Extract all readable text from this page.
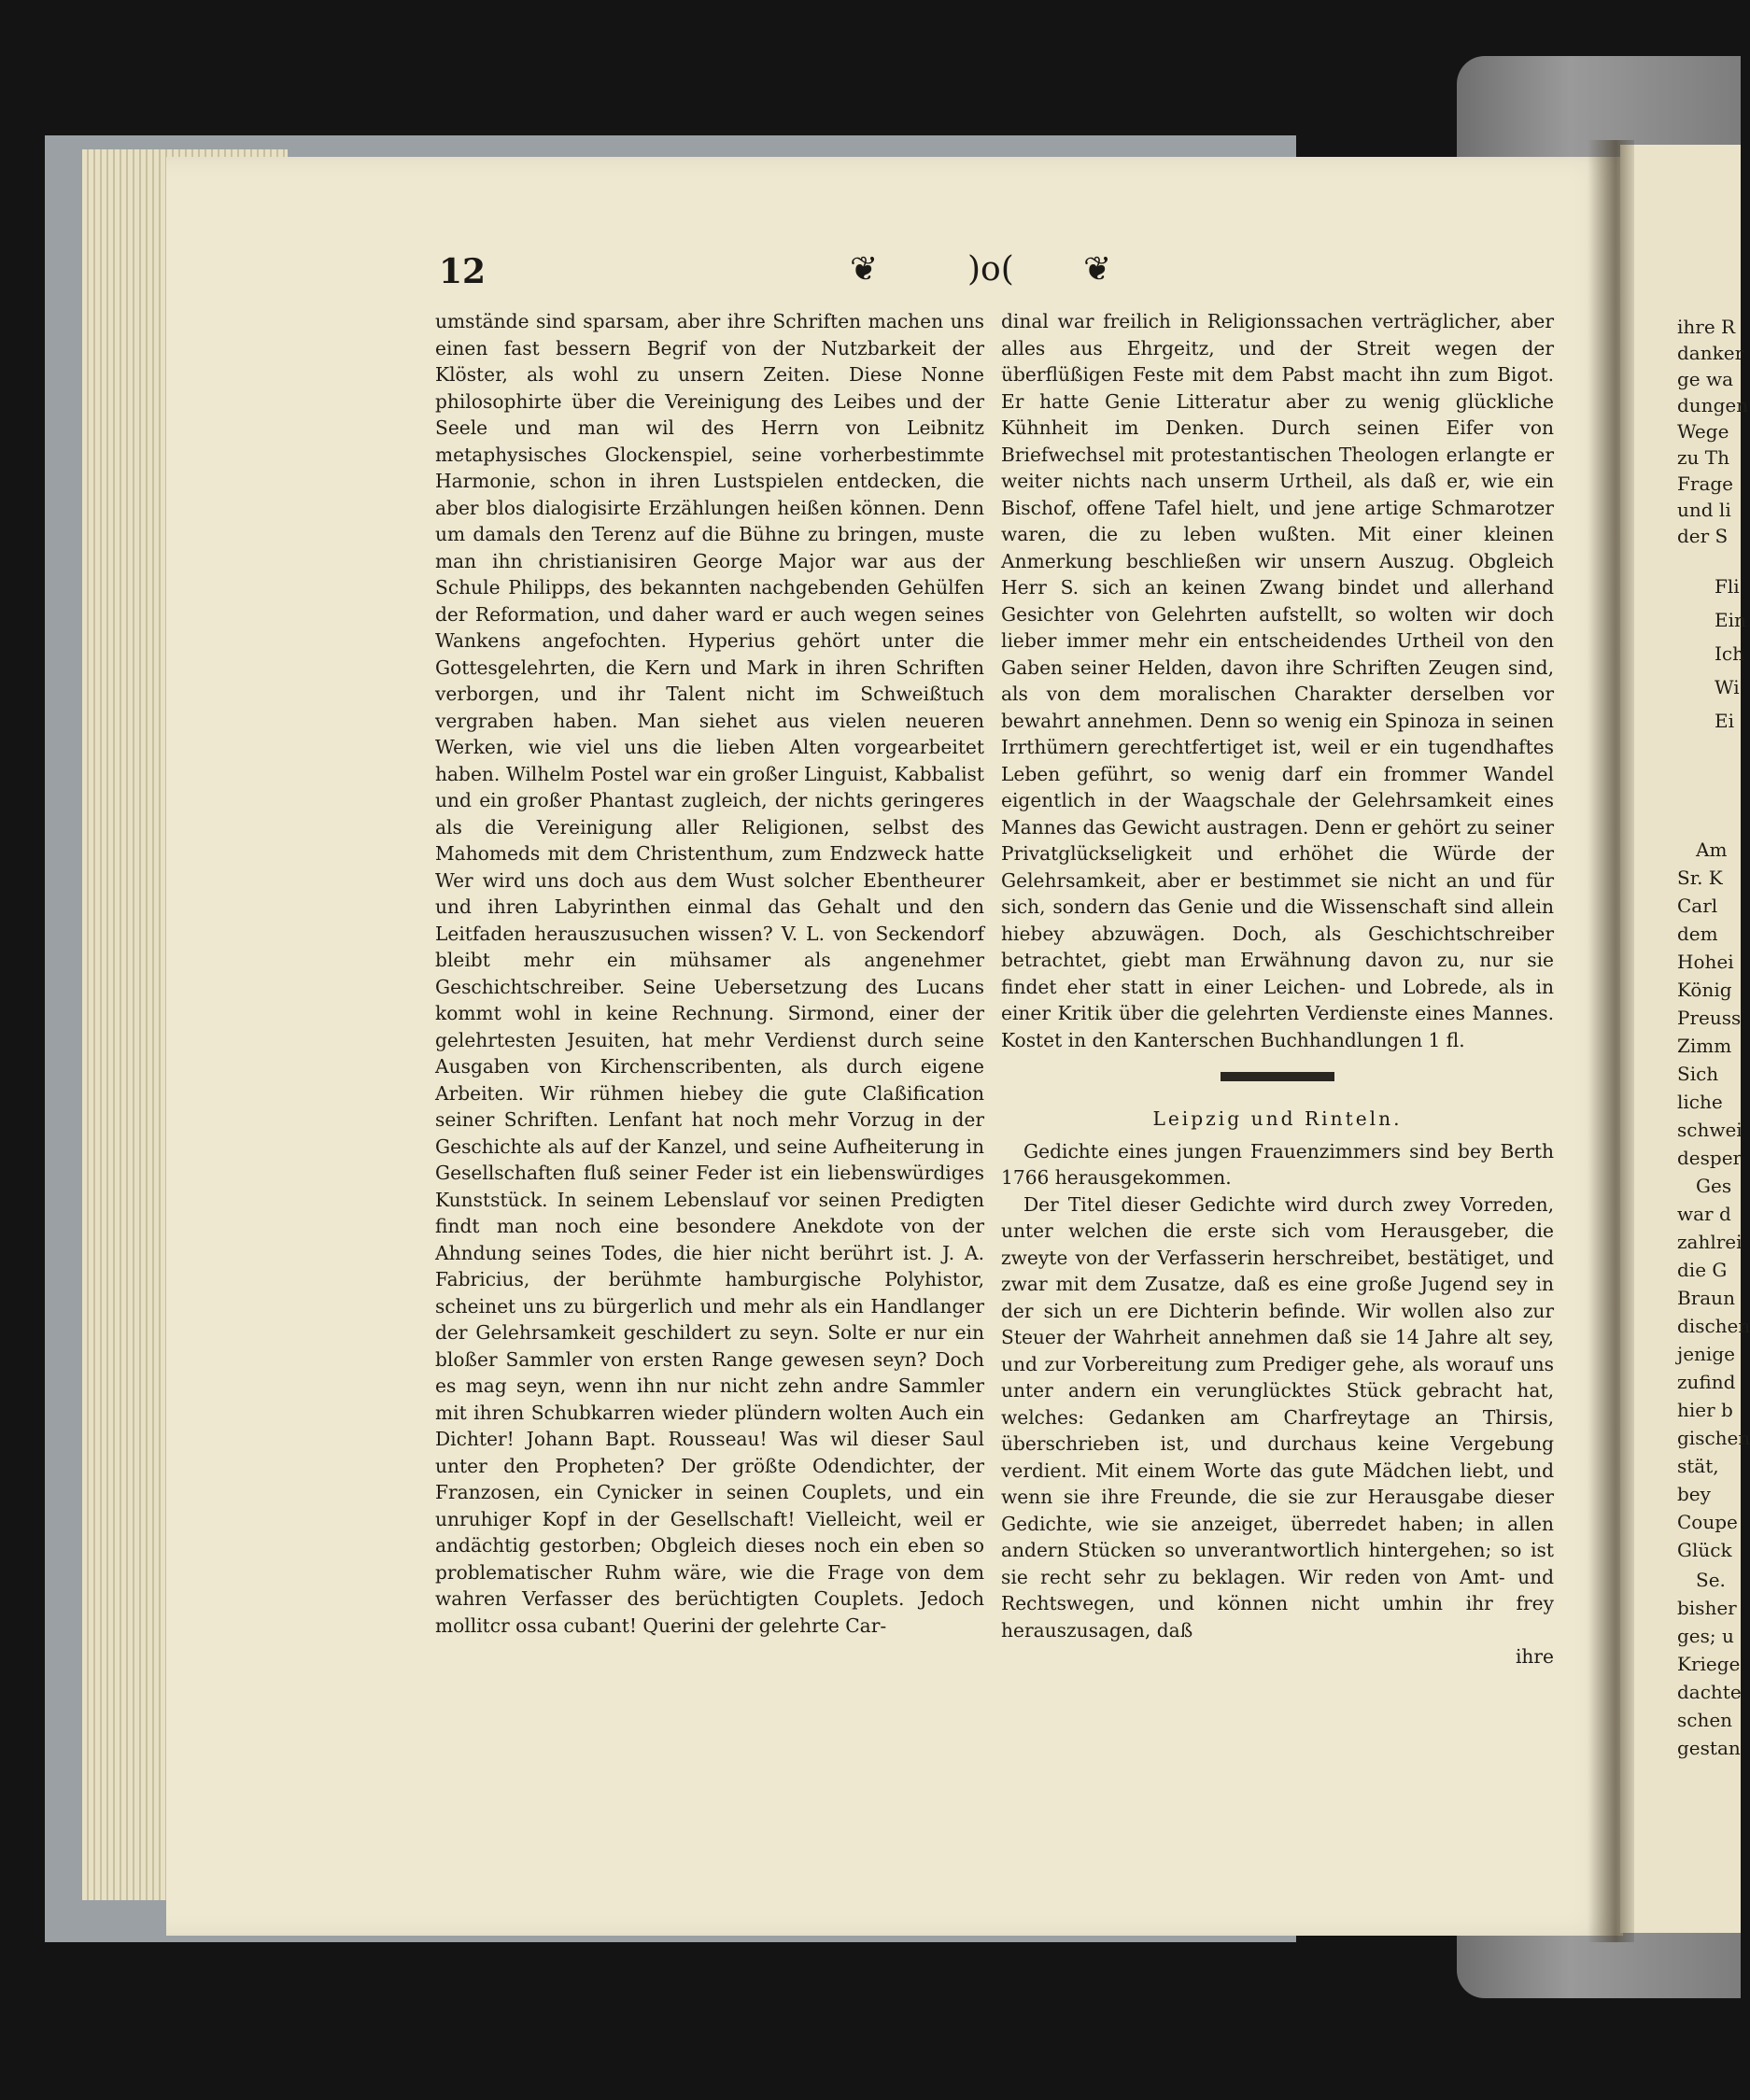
12	❦	)o( ❦

umstände sind sparsam, aber ihre Schriften machen uns einen fast bessern Begrif von der Nutzbarkeit der Klöster, als wohl zu unsern Zeiten. Diese Nonne philosophirte über die Vereinigung des Leibes und der Seele und man wil des Herrn von Leibnitz metaphysisches Glockenspiel, seine vorherbestimmte Harmonie, schon in ihren Lustspielen entdecken, die aber blos dialogisirte Erzählungen heißen können. Denn um damals den Terenz auf die Bühne zu bringen, muste man ihn christianisiren George Major war aus der Schule Philipps, des bekannten nachgebenden Gehülfen der Reformation, und daher ward er auch wegen seines Wankens angefochten. Hyperius gehört unter die Gottesgelehrten, die Kern und Mark in ihren Schriften verborgen, und ihr Talent nicht im Schweißtuch vergraben haben. Man siehet aus vielen neueren Werken, wie viel uns die lieben Alten vorgearbeitet haben. Wilhelm Postel war ein großer Linguist, Kabbalist und ein großer Phantast zugleich, der nichts geringeres als die Vereinigung aller Religionen, selbst des Mahomeds mit dem Christenthum, zum Endzweck hatte Wer wird uns doch aus dem Wust solcher Ebentheurer und ihren Labyrinthen einmal das Gehalt und den Leitfaden herauszusuchen wissen? V. L. von Seckendorf bleibt mehr ein mühsamer als angenehmer Geschichtschreiber. Seine Uebersetzung des Lucans kommt wohl in keine Rechnung. Sirmond, einer der gelehrtesten Jesuiten, hat mehr Verdienst durch seine Ausgaben von Kirchenscribenten, als durch eigene Arbeiten. Wir rühmen hiebey die gute Claßification seiner Schriften. Lenfant hat noch mehr Vorzug in der Geschichte als auf der Kanzel, und seine Aufheiterung in Gesellschaften fluß seiner Feder ist ein liebenswürdiges Kunststück. In seinem Lebenslauf vor seinen Predigten findt man noch eine besondere Anekdote von der Ahndung seines Todes, die hier nicht berührt ist. J. A. Fabricius, der berühmte hamburgische Polyhistor, scheinet uns zu bürgerlich und mehr als ein Handlanger der Gelehrsamkeit geschildert zu seyn. Solte er nur ein bloßer Sammler von ersten Range gewesen seyn? Doch es mag seyn, wenn ihn nur nicht zehn andre Sammler mit ihren Schubkarren wieder plündern wolten Auch ein Dichter! Johann Bapt. Rousseau! Was wil dieser Saul unter den Propheten? Der größte Odendichter, der Franzosen, ein Cynicker in seinen Couplets, und ein unruhiger Kopf in der Gesellschaft! Vielleicht, weil er andächtig gestorben; Obgleich dieses noch ein eben so problematischer Ruhm wäre, wie die Frage von dem wahren Verfasser des berüchtigten Couplets. Jedoch mollitcr ossa cubant! Querini der gelehrte Car-

dinal war freilich in Religionssachen verträglicher, aber alles aus Ehrgeitz, und der Streit wegen der überflüßigen Feste mit dem Pabst macht ihn zum Bigot. Er hatte Genie Litteratur aber zu wenig glückliche Kühnheit im Denken. Durch seinen Eifer von Briefwechsel mit protestantischen Theologen erlangte er weiter nichts nach unserm Urtheil, als daß er, wie ein Bischof, offene Tafel hielt, und jene artige Schmarotzer waren, die zu leben wußten. Mit einer kleinen Anmerkung beschließen wir unsern Auszug. Obgleich Herr S. sich an keinen Zwang bindet und allerhand Gesichter von Gelehrten aufstellt, so wolten wir doch lieber immer mehr ein entscheidendes Urtheil von den Gaben seiner Helden, davon ihre Schriften Zeugen sind, als von dem moralischen Charakter derselben vor bewahrt annehmen. Denn so wenig ein Spinoza in seinen Irrthümern gerechtfertiget ist, weil er ein tugendhaftes Leben geführt, so wenig darf ein frommer Wandel eigentlich in der Waagschale der Gelehrsamkeit eines Mannes das Gewicht austragen. Denn er gehört zu seiner Privatglückseligkeit und erhöhet die Würde der Gelehrsamkeit, aber er bestimmet sie nicht an und für sich, sondern das Genie und die Wissenschaft sind allein hiebey abzuwägen. Doch, als Geschichtschreiber betrachtet, giebt man Erwähnung davon zu, nur sie findet eher statt in einer Leichen- und Lobrede, als in einer Kritik über die gelehrten Verdienste eines Mannes. Kostet in den Kanterschen Buchhandlungen 1 fl.

Leipzig und Rinteln.

Gedichte eines jungen Frauenzimmers sind bey Berth 1766 herausgekommen.

Der Titel dieser Gedichte wird durch zwey Vorreden, unter welchen die erste sich vom Herausgeber, die zweyte von der Verfasserin herschreibet, bestätiget, und zwar mit dem Zusatze, daß es eine große Jugend sey in der sich un ere Dichterin befinde. Wir wollen also zur Steuer der Wahrheit annehmen daß sie 14 Jahre alt sey, und zur Vorbereitung zum Prediger gehe, als worauf uns unter andern ein verunglücktes Stück gebracht hat, welches: Gedanken am Charfreytage an Thirsis, überschrieben ist, und durchaus keine Vergebung verdient. Mit einem Worte das gute Mädchen liebt, und wenn sie ihre Freunde, die sie zur Herausgabe dieser Gedichte, wie sie anzeiget, überredet haben; in allen andern Stücken so unverantwortlich hintergehen; so ist sie recht sehr zu beklagen. Wir reden von Amt- und Rechtswegen, und können nicht umhin ihr frey herauszusagen, daß

ihre

ihre R
danker
ge wa
dungen
Wege
zu Th
Frage
und li
der S
Fli
Ein
Ich
Wi
Ei
Am
Sr. K
Carl
dem
Hohei
König
Preuss
Zimm
Sich
liche
schwei
desper
Ges
war d
zahlrei
die G
Braun
dischen
jenige
zufind
hier b
gischen
stät,
bey
Coupe
Glück
Se.
bisher
ges; u
Kriege
dachte
schen
gestan
